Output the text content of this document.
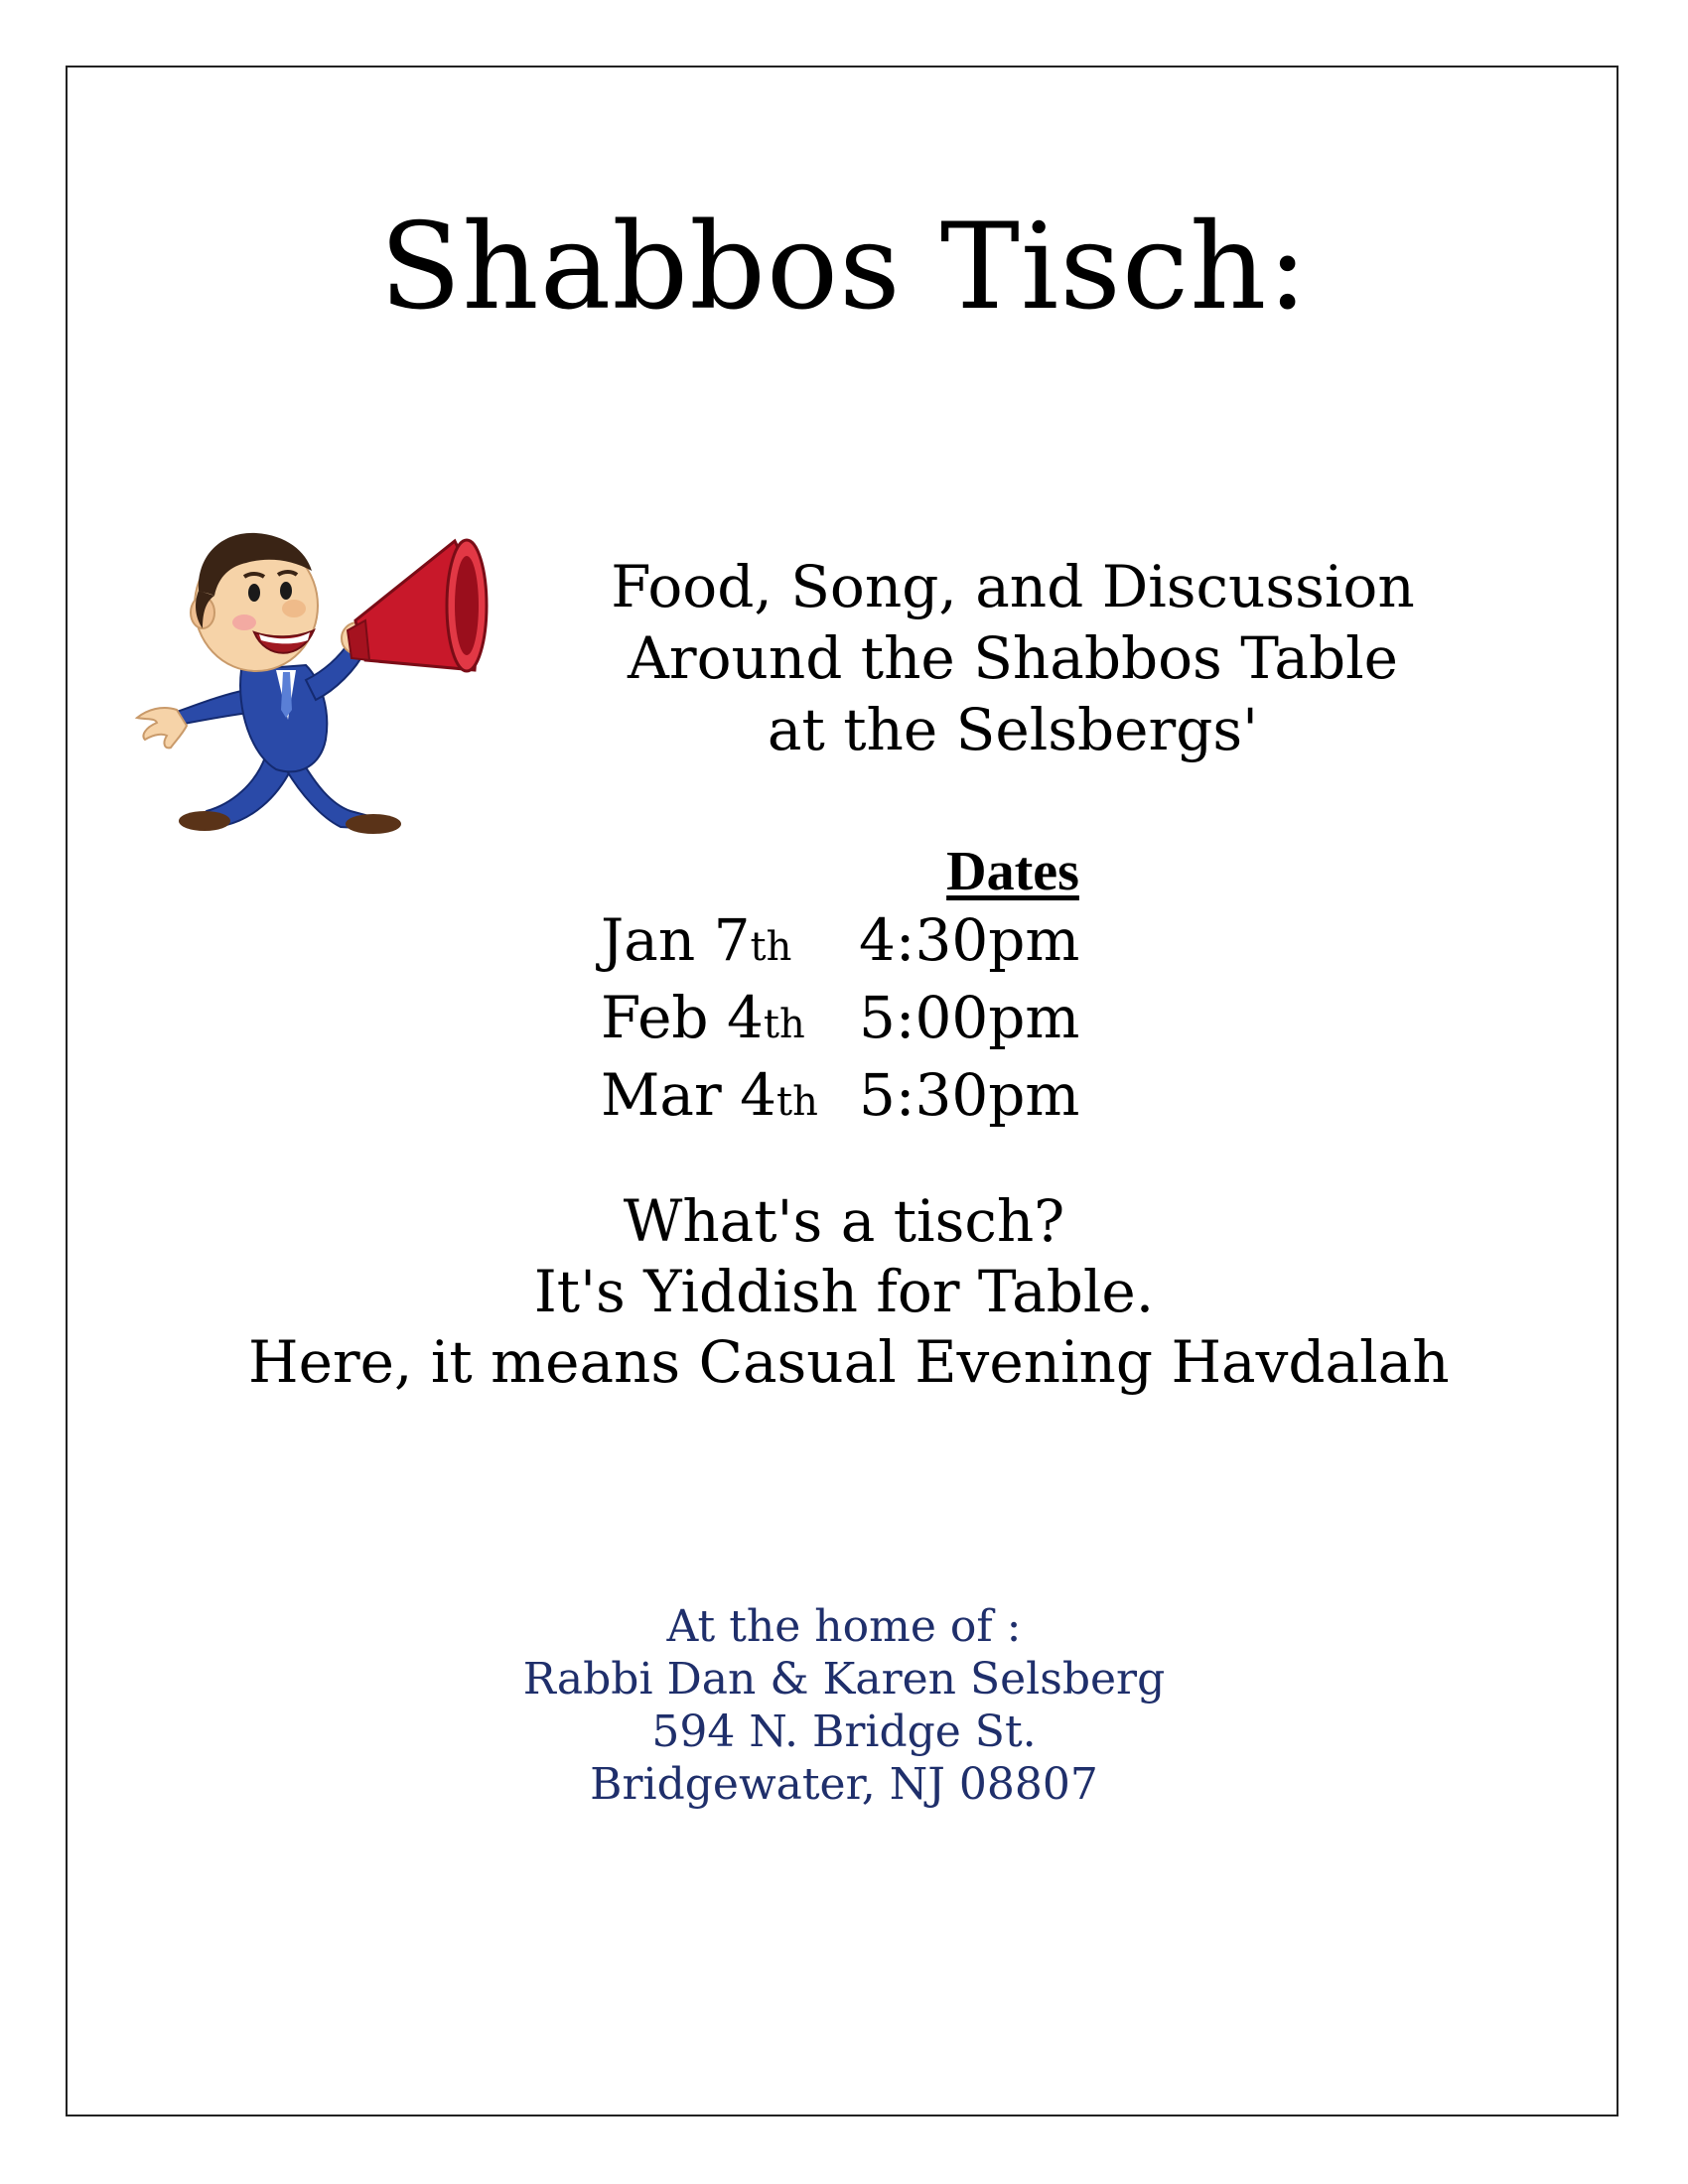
Shabbos Tisch:
Food, Song, and Discussion
Around the Shabbos Table
at the Selsbergs'
Dates
Jan 7th	4:30pm
Feb 4th 5:00pm
Mar 4th 5:30pm
What's a tisch?
It's Yiddish for Table.
Here, it means Casual Evening Havdalah
At the home of :
Rabbi Dan & Karen Selsberg
594 N. Bridge St.
Bridgewater, NJ 08807
